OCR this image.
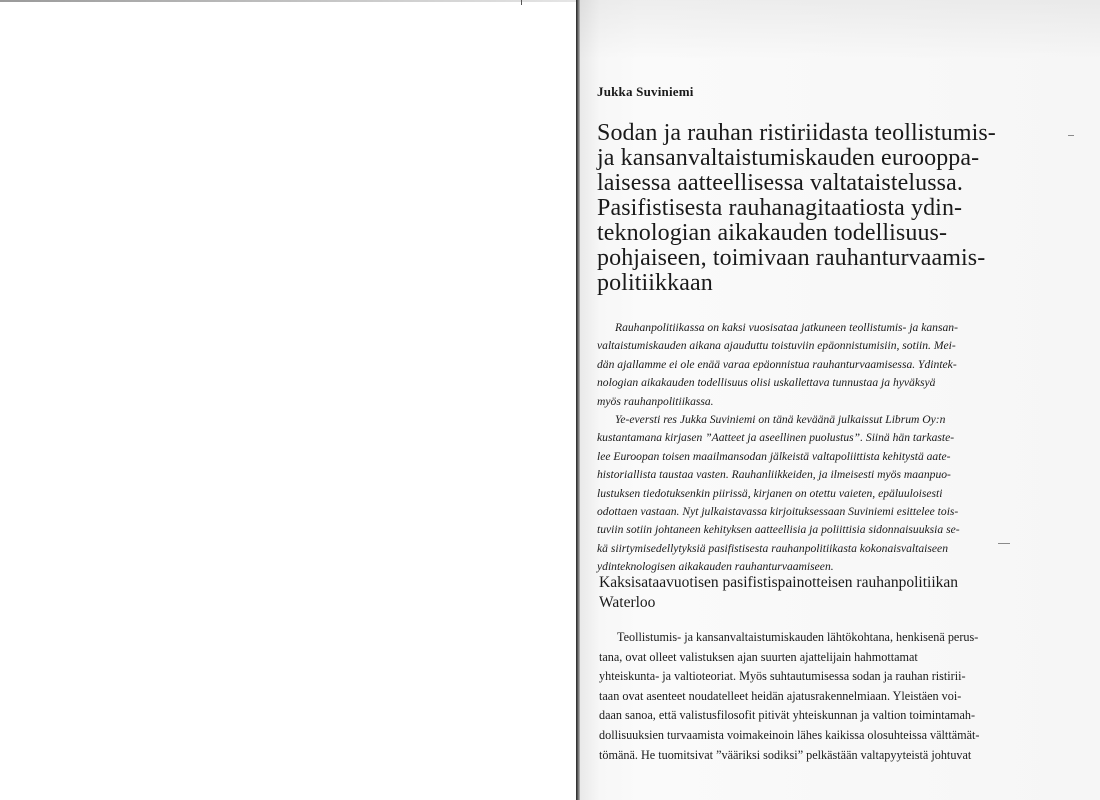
Jukka Suviniemi
Sodan ja rauhan ristiriidasta teollistumis-
ja kansanvaltaistumiskauden eurooppa-
laisessa aatteellisessa valtataistelussa.
Pasifistisesta rauhanagitaatiosta ydin-
teknologian aikakauden todellisuus-
pohjaiseen, toimivaan rauhanturvaamis-
politiikkaan
Rauhanpolitiikassa on kaksi vuosisataa jatkuneen teollistumis- ja kansan-
valtaistumiskauden aikana ajauduttu toistuviin epäonnistumisiin, sotiin. Mei-
dän ajallamme ei ole enää varaa epäonnistua rauhanturvaamisessa. Ydintek-
nologian aikakauden todellisuus olisi uskallettava tunnustaa ja hyväksyä
myös rauhanpolitiikassa.
Ye-eversti res Jukka Suviniemi on tänä keväänä julkaissut Librum Oy:n
kustantamana kirjasen ”Aatteet ja aseellinen puolustus”. Siinä hän tarkaste-
lee Euroopan toisen maailmansodan jälkeistä valtapoliittista kehitystä aate-
historiallista taustaa vasten. Rauhanliikkeiden, ja ilmeisesti myös maanpuo-
lustuksen tiedotuksenkin piirissä, kirjanen on otettu vaieten, epäluuloisesti
odottaen vastaan. Nyt julkaistavassa kirjoituksessaan Suviniemi esittelee tois-
tuviin sotiin johtaneen kehityksen aatteellisia ja poliittisia sidonnaisuuksia se-
kä siirtymisedellytyksiä pasifistisesta rauhanpolitiikasta kokonaisvaltaiseen
ydinteknologisen aikakauden rauhanturvaamiseen.
Kaksisataavuotisen pasifistispainotteisen rauhanpolitiikan
Waterloo
Teollistumis- ja kansanvaltaistumiskauden lähtökohtana, henkisenä perus-
tana, ovat olleet valistuksen ajan suurten ajattelijain hahmottamat
yhteiskunta- ja valtioteoriat. Myös suhtautumisessa sodan ja rauhan ristirii-
taan ovat asenteet noudatelleet heidän ajatusrakennelmiaan. Yleistäen voi-
daan sanoa, että valistusfilosofit pitivät yhteiskunnan ja valtion toimintamah-
dollisuuksien turvaamista voimakeinoin lähes kaikissa olosuhteissa välttämät-
tömänä. He tuomitsivat ”vääriksi sodiksi” pelkästään valtapyyteistä johtuvat
